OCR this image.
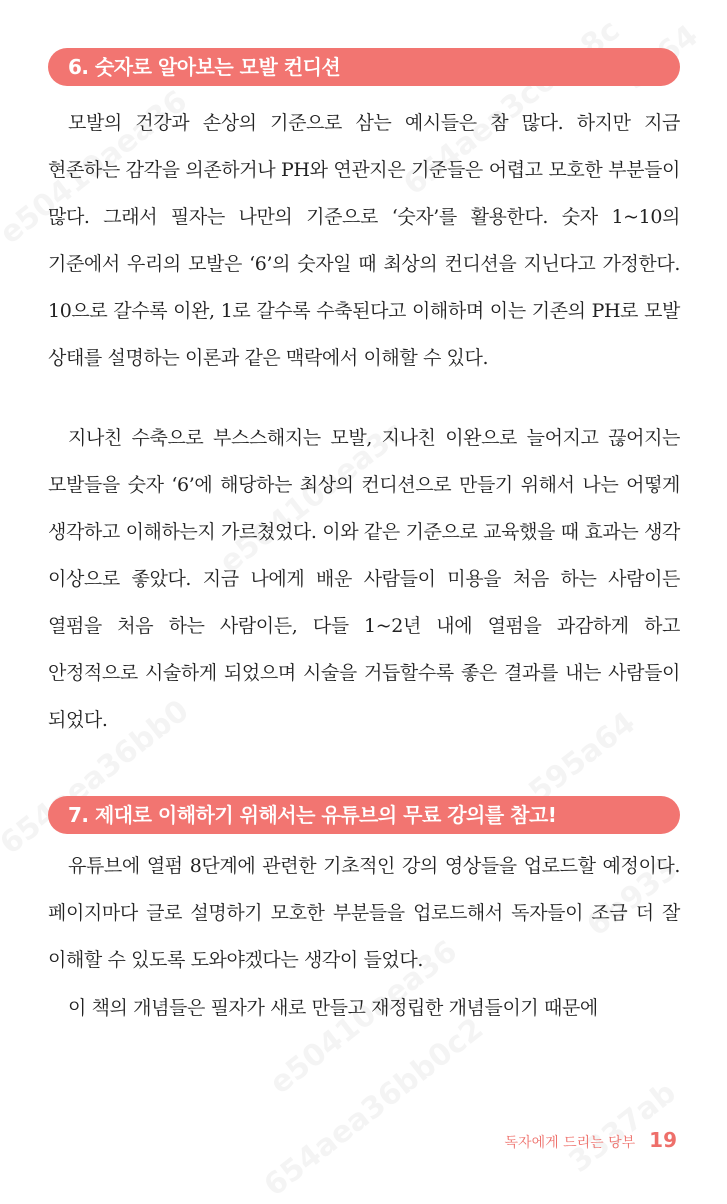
6. 숫자로 알아보는 모발 컨디션

모발의 건강과 손상의 기준으로 삼는 예시들은 참 많다. 하지만 지금 현존하는 감각을 의존하거나 PH와 연관지은 기준들은 어렵고 모호한 부분들이 많다. 그래서 필자는 나만의 기준으로 ‘숫자’를 활용한다. 숫자 1~10의 기준에서 우리의 모발은 ‘6’의 숫자일 때 최상의 컨디션을 지닌다고 가정한다. 10으로 갈수록 이완, 1로 갈수록 수축된다고 이해하며 이는 기존의 PH로 모발 상태를 설명하는 이론과 같은 맥락에서 이해할 수 있다.

지나친 수축으로 부스스해지는 모발, 지나친 이완으로 늘어지고 끊어지는 모발들을 숫자 ‘6’에 해당하는 최상의 컨디션으로 만들기 위해서 나는 어떻게 생각하고 이해하는지 가르쳤었다. 이와 같은 기준으로 교육했을 때 효과는 생각 이상으로 좋았다. 지금 나에게 배운 사람들이 미용을 처음 하는 사람이든 열펌을 처음 하는 사람이든, 다들 1~2년 내에 열펌을 과감하게 하고 안정적으로 시술하게 되었으며 시술을 거듭할수록 좋은 결과를 내는 사람들이 되었다.

7. 제대로 이해하기 위해서는 유튜브의 무료 강의를 참고!

유튜브에 열펌 8단계에 관련한 기초적인 강의 영상들을 업로드할 예정이다. 페이지마다 글로 설명하기 모호한 부분들을 업로드해서 독자들이 조금 더 잘 이해할 수 있도록 도와야겠다는 생각이 들었다.

이 책의 개념들은 필자가 새로 만들고 재정립한 개념들이기 때문에

독자에게 드리는 당부 19
